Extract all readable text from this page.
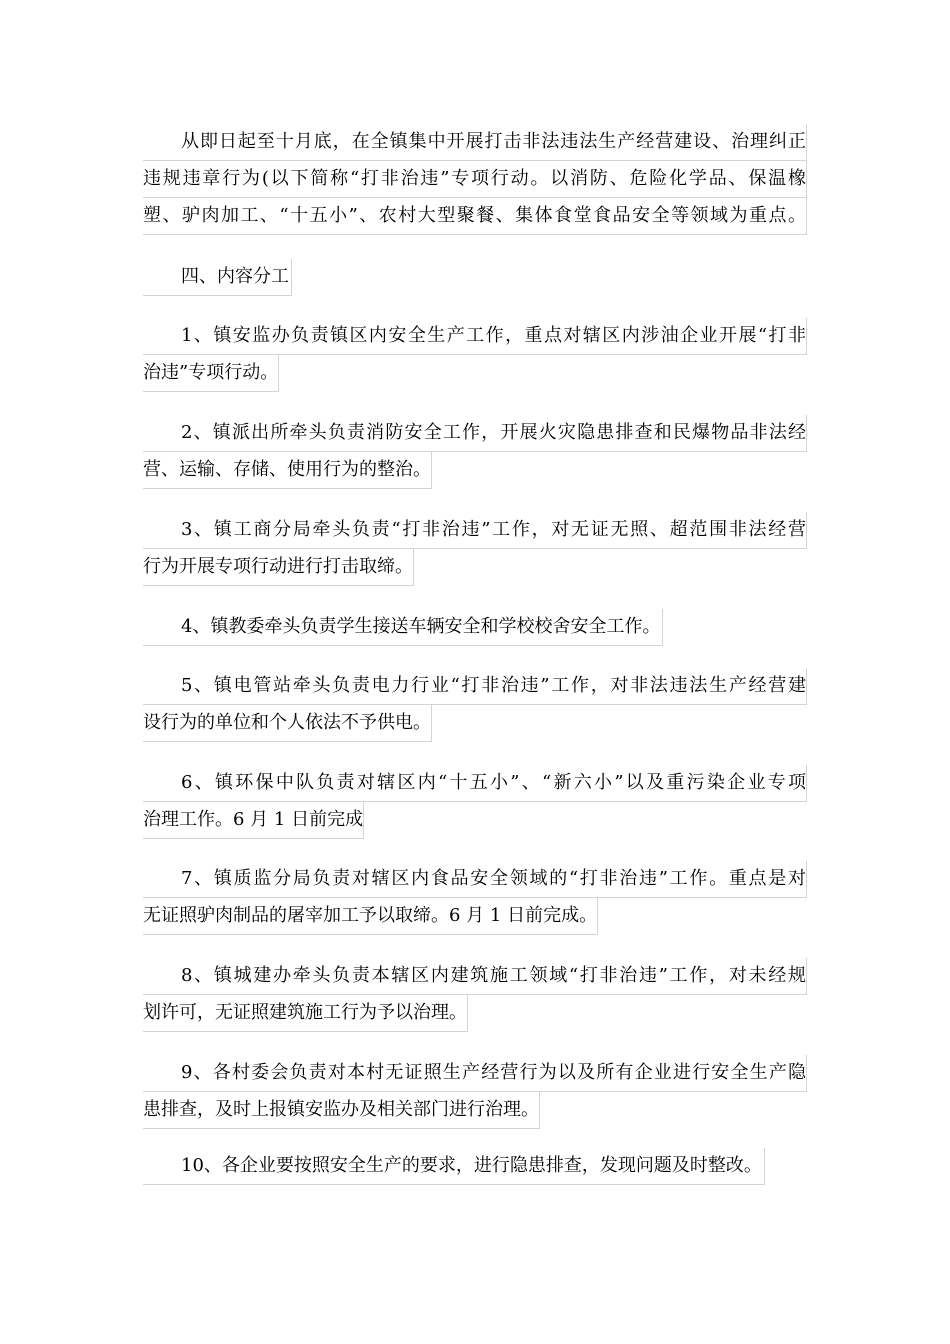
从即日起至十月底，在全镇集中开展打击非法违法生产经营建设、治理纠正
违规违章行为(以下简称“打非治违”专项行动。以消防、危险化学品、保温橡
塑、驴肉加工、“十五小”、农村大型聚餐、集体食堂食品安全等领域为重点。
四、内容分工
1、镇安监办负责镇区内安全生产工作，重点对辖区内涉油企业开展“打非
治违”专项行动。
2、镇派出所牵头负责消防安全工作，开展火灾隐患排查和民爆物品非法经
营、运输、存储、使用行为的整治。
3、镇工商分局牵头负责“打非治违”工作，对无证无照、超范围非法经营
行为开展专项行动进行打击取缔。
4、镇教委牵头负责学生接送车辆安全和学校校舍安全工作。
5、镇电管站牵头负责电力行业“打非治违”工作，对非法违法生产经营建
设行为的单位和个人依法不予供电。
6、镇环保中队负责对辖区内“十五小”、“新六小”以及重污染企业专项
治理工作。6 月 1 日前完成
7、镇质监分局负责对辖区内食品安全领域的“打非治违”工作。重点是对
无证照驴肉制品的屠宰加工予以取缔。6 月 1 日前完成。
8、镇城建办牵头负责本辖区内建筑施工领域“打非治违”工作，对未经规
划许可，无证照建筑施工行为予以治理。
9、各村委会负责对本村无证照生产经营行为以及所有企业进行安全生产隐
患排查，及时上报镇安监办及相关部门进行治理。
10、各企业要按照安全生产的要求，进行隐患排查，发现问题及时整改。
